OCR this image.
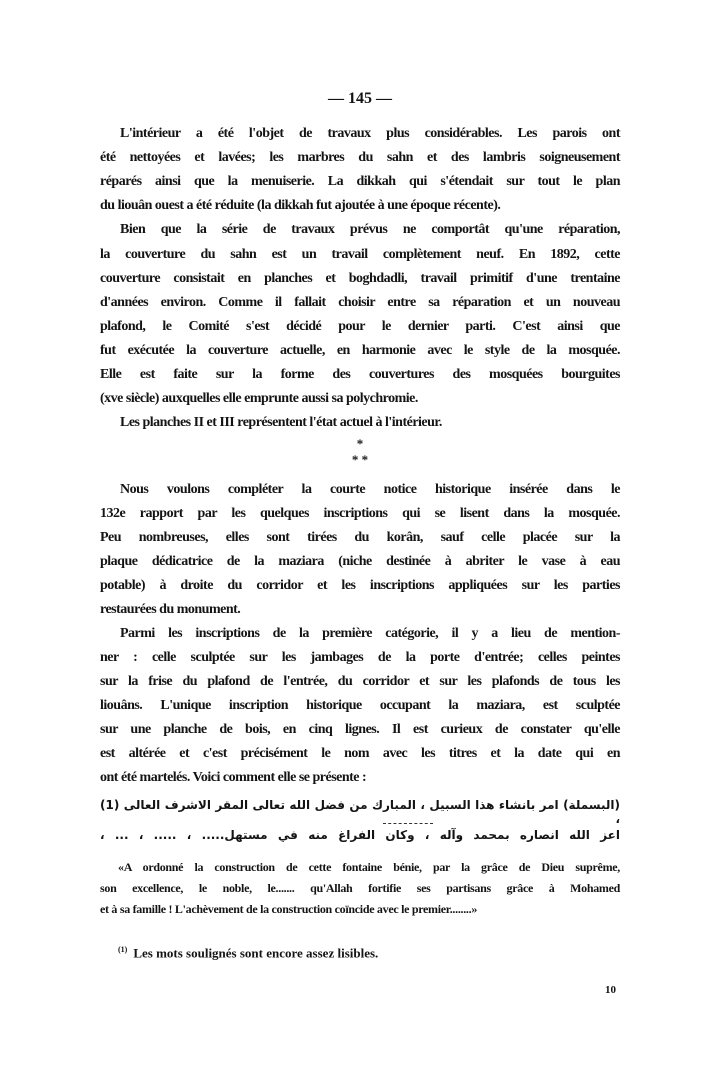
— 145 —
L'intérieur a été l'objet de travaux plus considérables. Les parois ont
été nettoyées et lavées; les marbres du sahn et des lambris soigneusement
réparés ainsi que la menuiserie. La dikkah qui s'étendait sur tout le plan
du liouân ouest a été réduite (la dikkah fut ajoutée à une époque récente).
Bien que la série de travaux prévus ne comportât qu'une réparation,
la couverture du sahn est un travail complètement neuf. En 1892, cette
couverture consistait en planches et boghdadli, travail primitif d'une trentaine
d'années environ. Comme il fallait choisir entre sa réparation et un nouveau
plafond, le Comité s'est décidé pour le dernier parti. C'est ainsi que
fut exécutée la couverture actuelle, en harmonie avec le style de la mosquée.
Elle est faite sur la forme des couvertures des mosquées bourguites
(xve siècle) auxquelles elle emprunte aussi sa polychromie.
Les planches II et III représentent l'état actuel à l'intérieur.
Nous voulons compléter la courte notice historique insérée dans le
132e rapport par les quelques inscriptions qui se lisent dans la mosquée.
Peu nombreuses, elles sont tirées du korân, sauf celle placée sur la
plaque dédicatrice de la maziara (niche destinée à abriter le vase à eau
potable) à droite du corridor et les inscriptions appliquées sur les parties
restaurées du monument.
Parmi les inscriptions de la première catégorie, il y a lieu de mention-
ner : celle sculptée sur les jambages de la porte d'entrée; celles peintes
sur la frise du plafond de l'entrée, du corridor et sur les plafonds de tous les
liouâns. L'unique inscription historique occupant la maziara, est sculptée
sur une planche de bois, en cinq lignes. Il est curieux de constater qu'elle
est altérée et c'est précisément le nom avec les titres et la date qui en
ont été martelés. Voici comment elle se présente :
*
* *
(البسملة) امر بانشاء هذا السبيل ، المبارك من فضل الله تعالى المقر الاشرف العالى (1) ،
اعز الله انصاره بمحمد وآله ، وكان الفراغ منه في مستهل..... ، ..... ، ... ،
«A ordonné la construction de cette fontaine bénie, par la grâce de Dieu suprême,
son excellence, le noble, le....... qu'Allah fortifie ses partisans grâce à Mohamed
et à sa famille ! L'achèvement de la construction coïncide avec le premier........»
$^{(1)}$ Les mots soulignés sont encore assez lisibles.
10
